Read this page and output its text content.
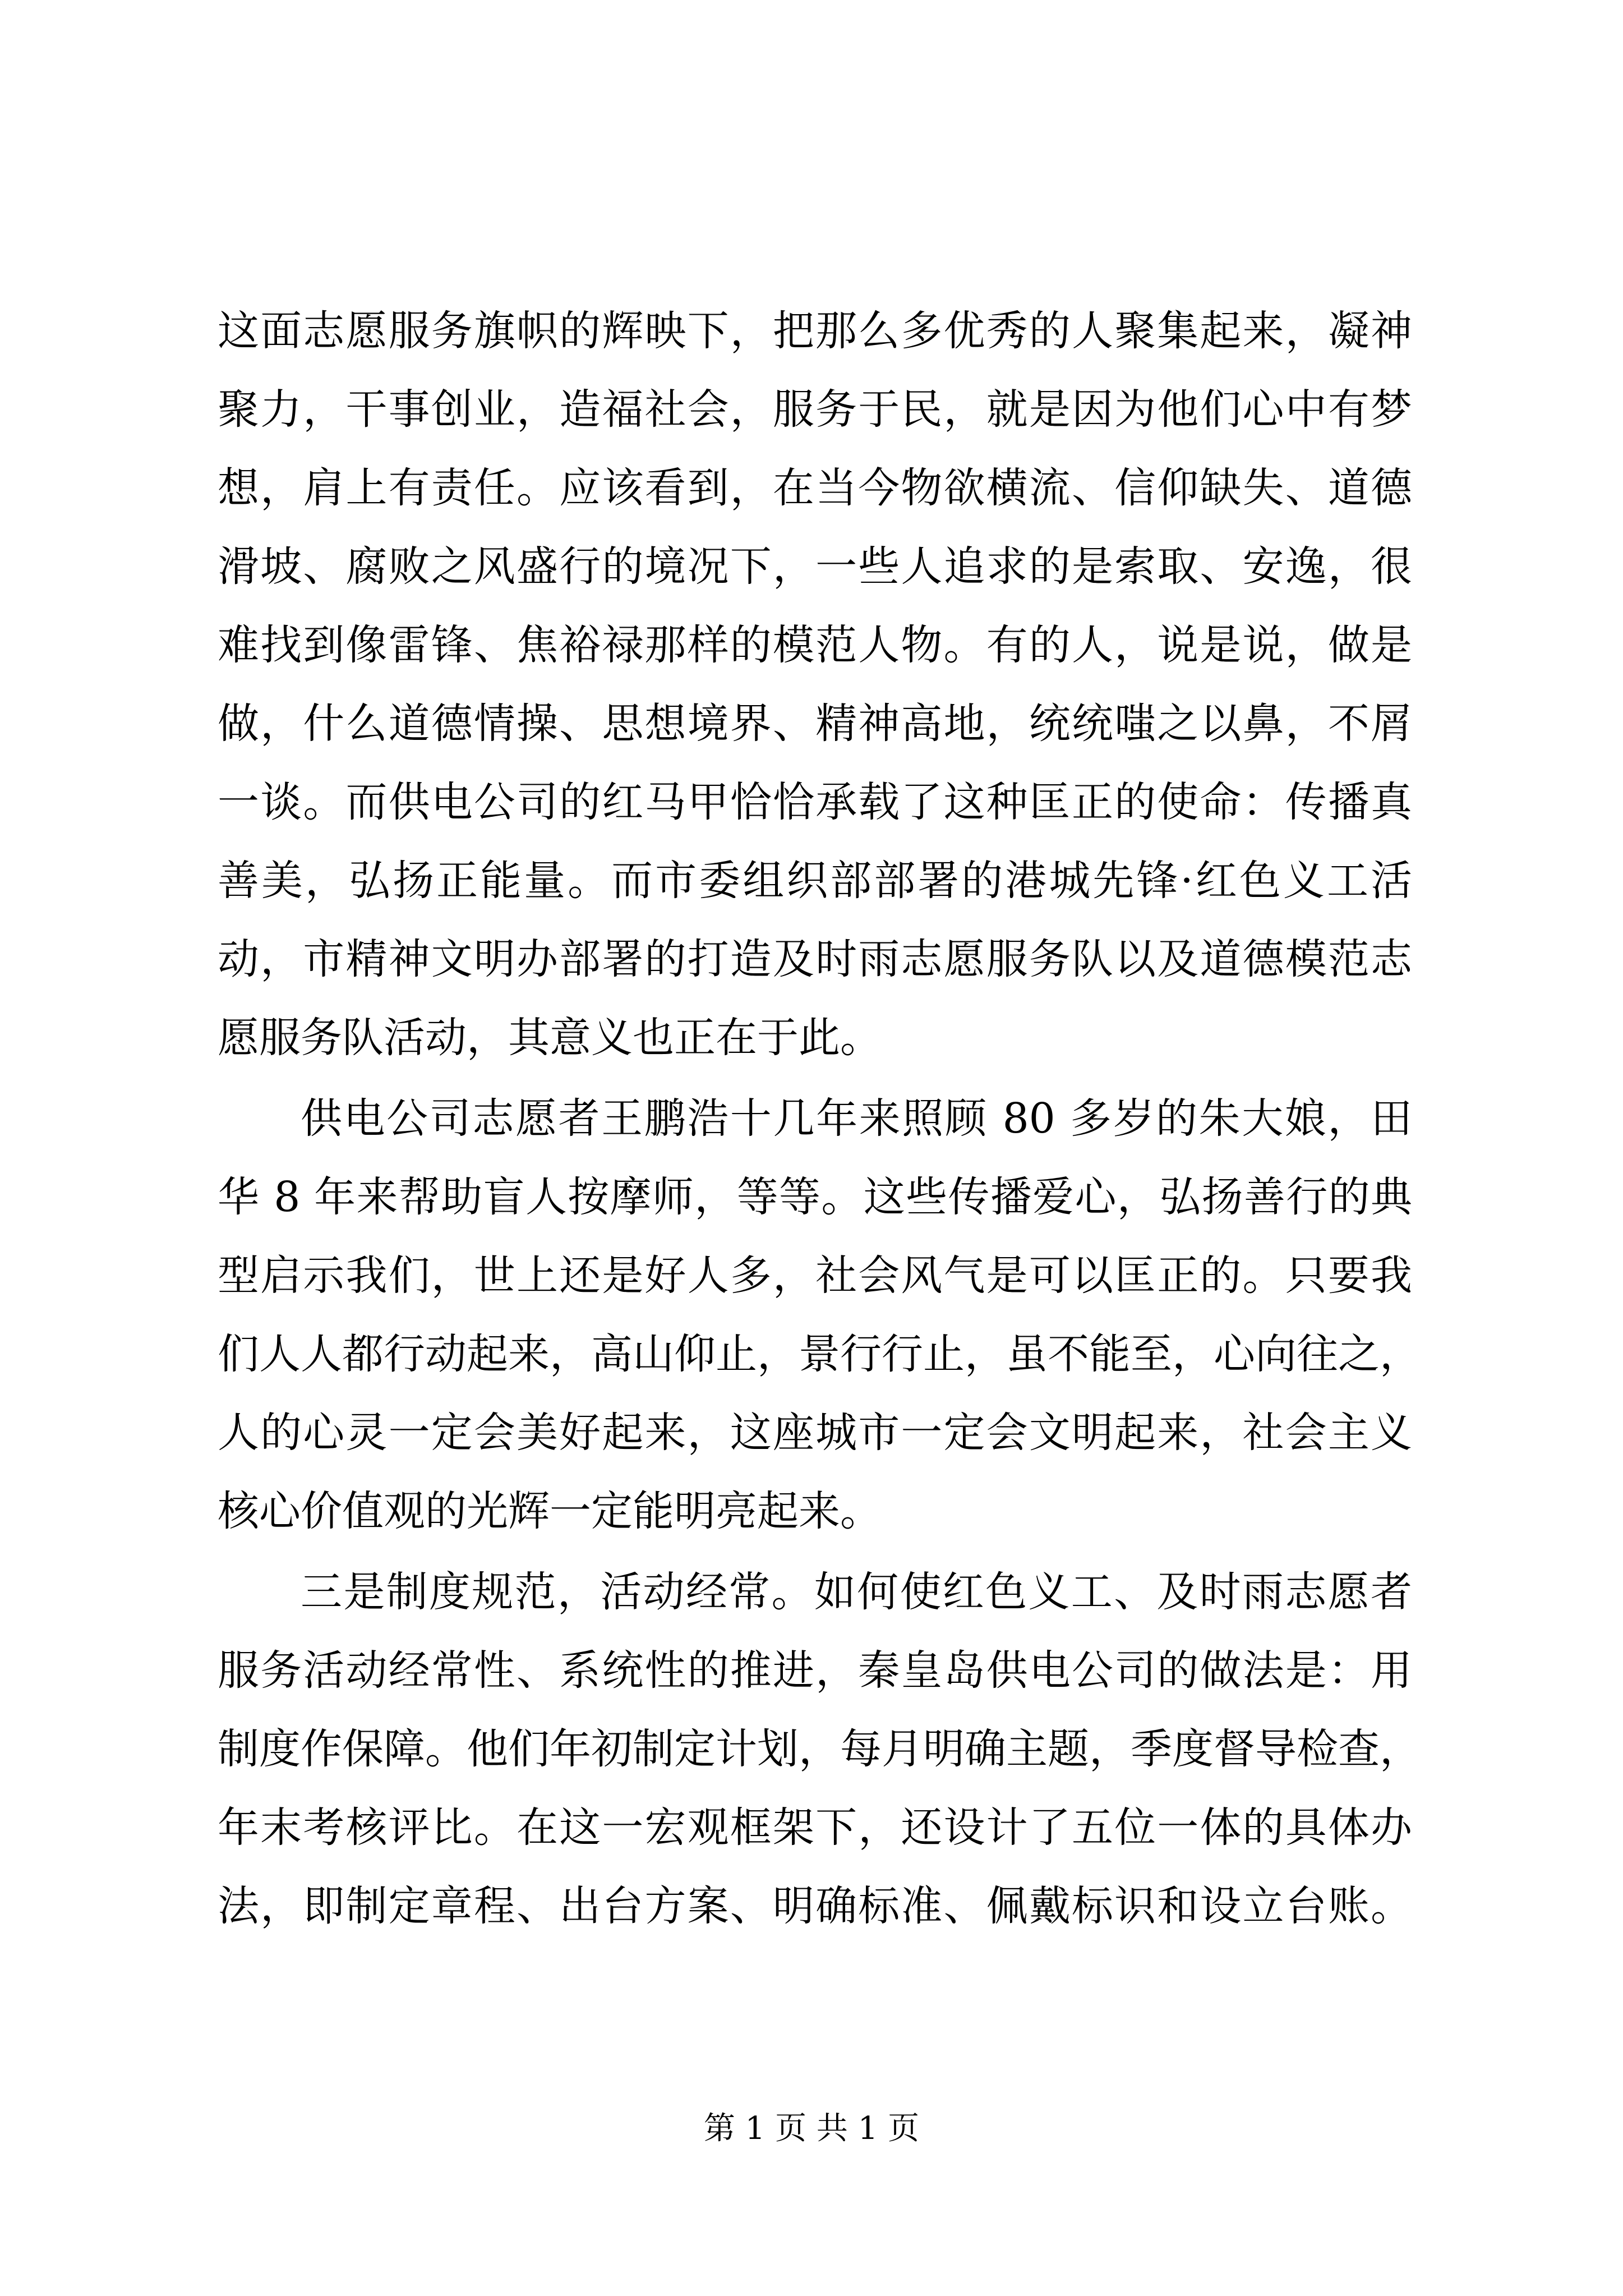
这面志愿服务旗帜的辉映下，把那么多优秀的人聚集起来，凝神
聚力，干事创业，造福社会，服务于民，就是因为他们心中有梦
想，肩上有责任。应该看到，在当今物欲横流、信仰缺失、道德
滑坡、腐败之风盛行的境况下，一些人追求的是索取、安逸，很
难找到像雷锋、焦裕禄那样的模范人物。有的人，说是说，做是
做，什么道德情操、思想境界、精神高地，统统嗤之以鼻，不屑
一谈。而供电公司的红马甲恰恰承载了这种匡正的使命：传播真
善美，弘扬正能量。而市委组织部部署的港城先锋·红色义工活
动，市精神文明办部署的打造及时雨志愿服务队以及道德模范志
愿服务队活动，其意义也正在于此。
供电公司志愿者王鹏浩十几年来照顾 80 多岁的朱大娘，田
华 8 年来帮助盲人按摩师，等等。这些传播爱心，弘扬善行的典
型启示我们，世上还是好人多，社会风气是可以匡正的。只要我
们人人都行动起来，高山仰止，景行行止，虽不能至，心向往之，
人的心灵一定会美好起来，这座城市一定会文明起来，社会主义
核心价值观的光辉一定能明亮起来。
三是制度规范，活动经常。如何使红色义工、及时雨志愿者
服务活动经常性、系统性的推进，秦皇岛供电公司的做法是：用
制度作保障。他们年初制定计划，每月明确主题，季度督导检查，
年末考核评比。在这一宏观框架下，还设计了五位一体的具体办
法，即制定章程、出台方案、明确标准、佩戴标识和设立台账。
第 1 页 共 1 页
